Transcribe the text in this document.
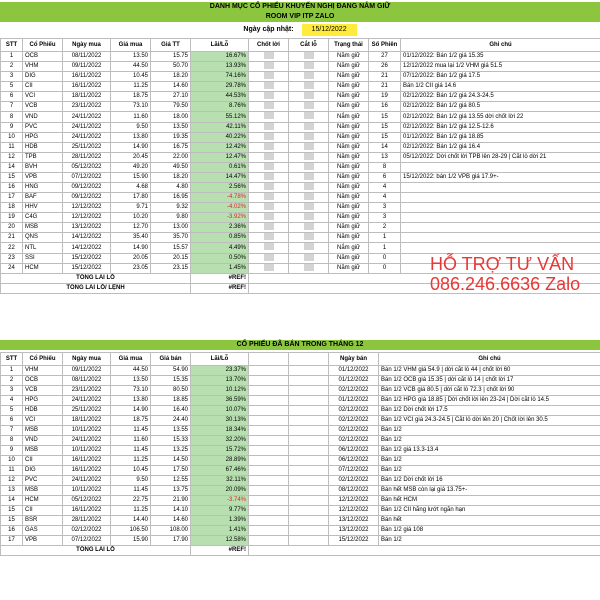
DANH MỤC CỔ PHIẾU KHUYẾN NGHỊ ĐANG NẮM GIỮ
ROOM VIP ITP ZALO
Ngày cập nhật:	15/12/2022
STT	Cổ Phiếu	Ngày mua	Giá mua	Giá TT	Lãi/Lỗ	Chốt lời	Cắt lỗ	Trạng thái	Số Phiên	Ghi chú
1	OCB	08/11/2022	13.50	15.75	16.67%			Nắm giữ	27	01/12/2022: Bán 1/2 giá 15.35
2	VHM	09/11/2022	44.50	50.70	13.93%			Nắm giữ	26	12/12/2022 mua lại 1/2 VHM giá 51.5
3	DIG	16/11/2022	10.45	18.20	74.16%			Nắm giữ	21	07/12/2022: Bán 1/2 giá 17.5
5	CII	16/11/2022	11.25	14.60	29.78%			Nắm giữ	21	Bán 1/2 CII giá 14.6
6	VCI	18/11/2022	18.75	27.10	44.53%			Nắm giữ	19	02/12/2022: Bán 1/2 giá 24.3-24.5
7	VCB	23/11/2022	73.10	79.50	8.76%			Nắm giữ	16	02/12/2022: Bán 1/2 giá 80.5
8	VND	24/11/2022	11.60	18.00	55.12%			Nắm giữ	15	02/12/2022: Bán 1/2 giá 13.55 dời chốt lời 22
9	PVC	24/11/2022	9.50	13.50	42.11%			Nắm giữ	15	02/12/2022: Bán 1/2 giá 12.5-12.6
10	HPG	24/11/2022	13.80	19.35	40.22%			Nắm giữ	15	01/12/2022: Bán 1/2 giá 18.85
11	HDB	25/11/2022	14.90	16.75	12.42%			Nắm giữ	14	02/12/2022: Bán 1/2 giá 16.4
12	TPB	28/11/2022	20.45	22.00	12.47%			Nắm giữ	13	05/12/2022: Dời chốt lời TPB lên 28-29 | Cắt lỗ dời 21
14	BVH	05/12/2022	49.20	49.50	0.61%			Nắm giữ	8	
15	VPB	07/12/2022	15.90	18.20	14.47%			Nắm giữ	6	15/12/2022: bán 1/2 VPB giá 17.9+-
16	HNG	09/12/2022	4.68	4.80	2.56%			Nắm giữ	4	
17	BAF	09/12/2022	17.80	16.95	-4.78%			Nắm giữ	4	
18	HHV	12/12/2022	9.71	9.32	-4.02%			Nắm giữ	3	
19	C4G	12/12/2022	10.20	9.80	-3.92%			Nắm giữ	3	
20	MSB	13/12/2022	12.70	13.00	2.36%			Nắm giữ	2	
21	QNS	14/12/2022	35.40	35.70	0.85%			Nắm giữ	1	
22	NTL	14/12/2022	14.90	15.57	4.49%			Nắm giữ	1	
23	SSI	15/12/2022	20.05	20.15	0.50%			Nắm giữ	0	
24	HCM	15/12/2022	23.05	23.15	1.45%			Nắm giữ	0	
TỔNG LÃI LỖ					#REF!					
TỔNG LÃI LỖ/ LỆNH					#REF!					
HỖ TRỢ TƯ VẤN
086.246.6636 Zalo
CỔ PHIẾU ĐÃ BÁN TRONG THÁNG 12
STT	Cổ Phiếu	Ngày mua	Giá mua	Giá bán	Lãi/Lỗ			Ngày bán	Ghi chú
1	VHM	09/11/2022	44.50	54.90	23.37%			01/12/2022	Bán 1/2 VHM giá 54.9 | dời cắt lỗ 44 | chốt lời 60
2	OCB	08/11/2022	13.50	15.35	13.70%			01/12/2022	Bán 1/2 OCB giá 15.35 | dời cắt lỗ 14 | chốt lời 17
3	VCB	23/11/2022	73.10	80.50	10.12%			02/12/2022	Bán 1/2 VCB giá 80.5 | dời cắt lỗ 72.3 | chốt lời 90
4	HPG	24/11/2022	13.80	18.85	36.59%			01/12/2022	Bán 1/2 HPG giá 18.85 | Dời chốt lời lên 23-24 | Dời cắt lỗ 14.5
5	HDB	25/11/2022	14.90	16.40	10.07%			02/12/2022	Bán 1/2 Dời chốt lời 17.5
6	VCI	18/11/2022	18.75	24.40	30.13%			02/12/2022	Bán 1/2 VCI giá 24.3-24.5 | Cắt lỗ dời lên 20 | Chốt lời lên 30.5
7	MSB	10/11/2022	11.45	13.55	18.34%			02/12/2022	Bán 1/2
8	VND	24/11/2022	11.60	15.33	32.20%			02/12/2022	Bán 1/2
9	MSB	10/11/2022	11.45	13.25	15.72%			06/12/2022	Bán 1/2 giá 13.3-13.4
10	CII	16/11/2022	11.25	14.50	28.89%			06/12/2022	Bán 1/2
11	DIG	16/11/2022	10.45	17.50	67.46%			07/12/2022	Bán 1/2
12	PVC	24/11/2022	9.50	12.55	32.11%			02/12/2022	Bán 1/2 Dời chốt lời 16
13	MSB	10/11/2022	11.45	13.75	20.09%			08/12/2022	Bán hết MSB còn lại giá 13.75+-
14	HCM	05/12/2022	22.75	21.90	-3.74%			12/12/2022	Bán hết HCM
15	CII	16/11/2022	11.25	14.10	9.77%			12/12/2022	Bán 1/2 CII hãng lướt ngắn hạn
15	BSR	28/11/2022	14.40	14.60	1.39%			13/12/2022	Bán hết
16	GAS	02/12/2022	106.50	108.00	1.41%			13/12/2022	Bán 1/2 giá 108
17	VPB	07/12/2022	15.90	17.90	12.58%			15/12/2022	Bán 1/2
TỔNG LÃI LỖ					#REF!				
